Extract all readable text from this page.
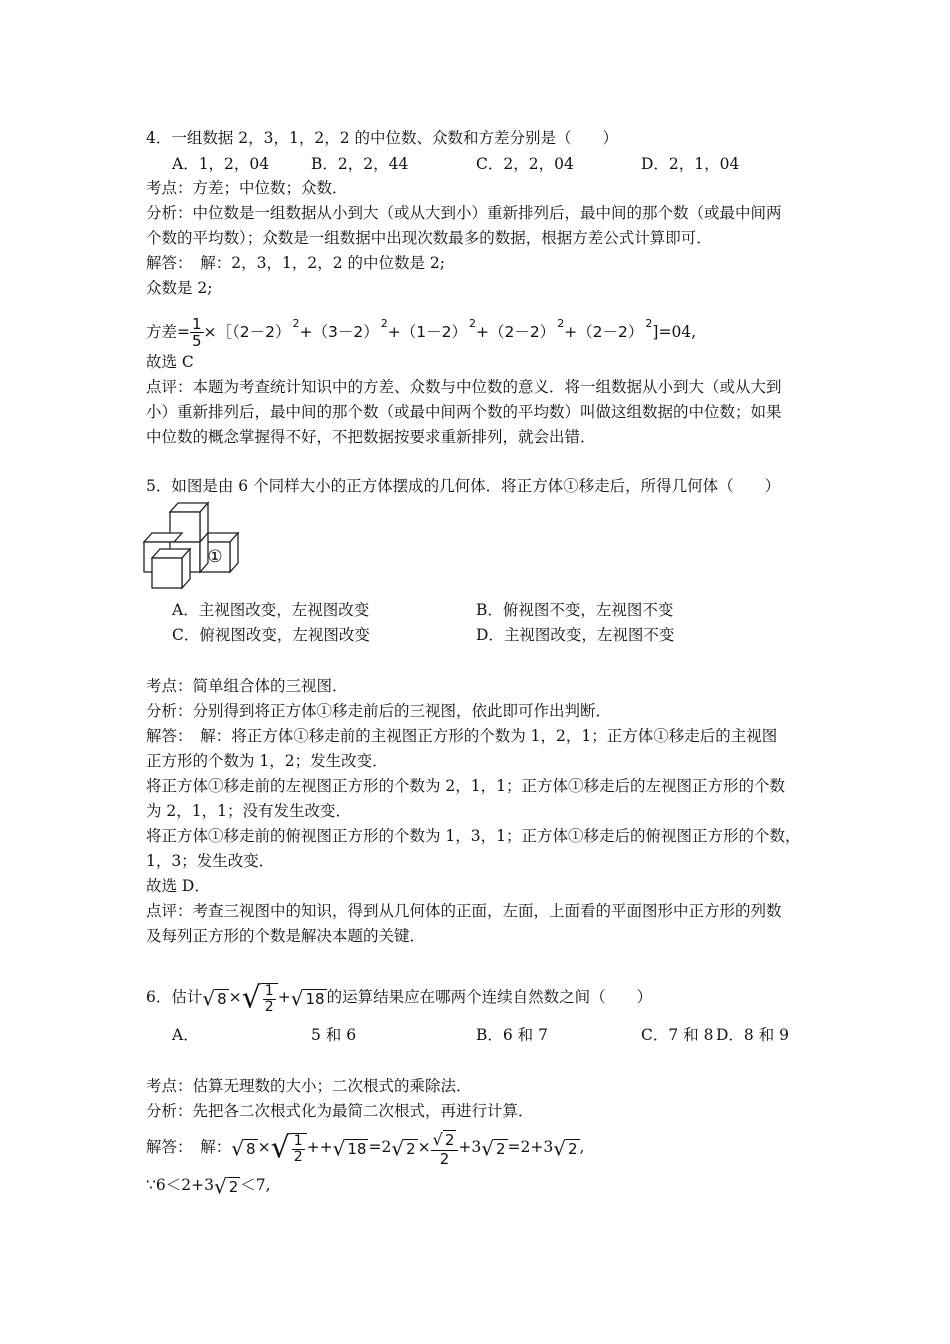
4．一组数据 2，3，1，2，2 的中位数、众数和方差分别是（　　）
A．1，2，04	B．2，2，44	C．2，2，04	D．2，1，04
考点：方差；中位数；众数．
分析：中位数是一组数据从小到大（或从大到小）重新排列后，最中间的那个数（或最中间两
个数的平均数）；众数是一组数据中出现次数最多的数据，根据方差公式计算即可．
解答：　解：2，3，1，2，2 的中位数是 2;
众数是 2;
方差= $\frac{1}{5}$ ×［（2－2） $^2$+（3－2） $^2$+（1－2） $^2$+（2－2） $^2$+（2－2） $^2$]=04,
故选 C
点评：本题为考查统计知识中的方差、众数与中位数的意义．将一组数据从小到大（或从大到
小）重新排列后，最中间的那个数（或最中间两个数的平均数）叫做这组数据的中位数；如果
中位数的概念掌握得不好，不把数据按要求重新排列，就会出错．
5．如图是由 6 个同样大小的正方体摆成的几何体．将正方体①移走后，所得几何体（　　）
①
A．主视图改变，左视图改变	B．俯视图不变，左视图不变
C．俯视图改变，左视图改变	D．主视图改变，左视图不变
考点：简单组合体的三视图．
分析：分别得到将正方体①移走前后的三视图，依此即可作出判断．
解答：　解：将正方体①移走前的主视图正方形的个数为 1，2，1；正方体①移走后的主视图
正方形的个数为 1，2；发生改变．
将正方体①移走前的左视图正方形的个数为 2，1，1；正方体①移走后的左视图正方形的个数
为 2，1，1；没有发生改变．
将正方体①移走前的俯视图正方形的个数为 1，3，1；正方体①移走后的俯视图正方形的个数，
1，3；发生改变．
故选 D．
点评：考查三视图中的知识，得到从几何体的正面，左面，上面看的平面图形中正方形的列数
及每列正方形的个数是解决本题的关键．
6．估计√ 8 ×√ $\frac{1}{2}$ +√ 18 的运算结果应在哪两个连续自然数之间（　　）
A．	5 和 6	B．6 和 7	C．7 和 8 D．8 和 9
考点：估算无理数的大小；二次根式的乘除法．
分析：先把各二次根式化为最简二次根式，再进行计算．
解答：　解：√ 8 ×√ $\frac{1}{2}$ ++√ 18 =2√ $2 \times \frac{√ 2}{2} +3√$ 2 =2+3√ 2 ,
∵6＜2+3√ 2 ＜7,
